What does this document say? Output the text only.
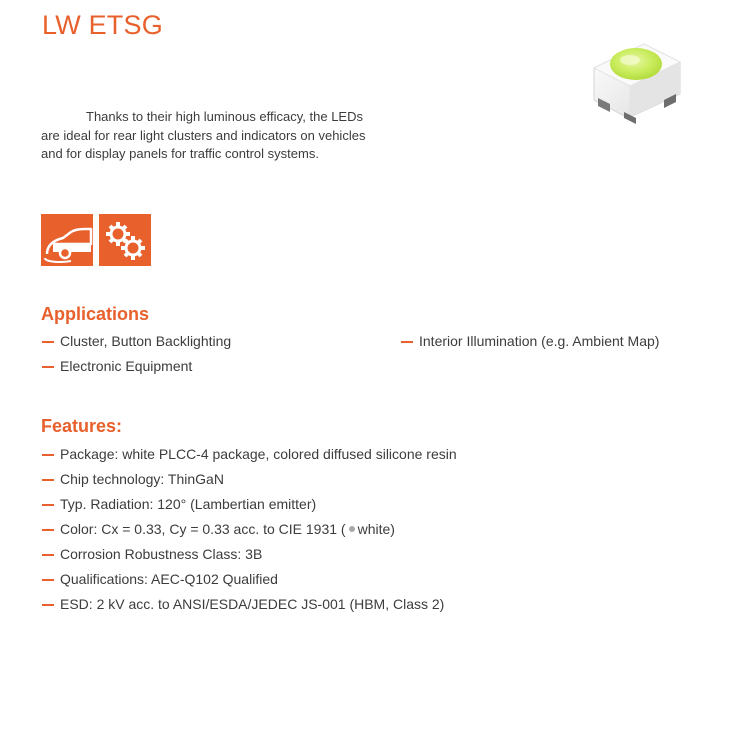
LW ETSG

Thanks to their high luminous efficacy, the LEDs are ideal for rear light clusters and indicators on vehicles and for display panels for traffic control systems.

Applications
Cluster, Button Backlighting
Electronic Equipment
Interior Illumination (e.g. Ambient Map)
Features:
Package: white PLCC-4 package, colored diffused silicone resin
Chip technology: ThinGaN
Typ. Radiation: 120° (Lambertian emitter)
Color: Cx = 0.33, Cy = 0.33 acc. to CIE 1931 ( white)
Corrosion Robustness Class: 3B
Qualifications: AEC-Q102 Qualified
ESD: 2 kV acc. to ANSI/ESDA/JEDEC JS-001 (HBM, Class 2)
